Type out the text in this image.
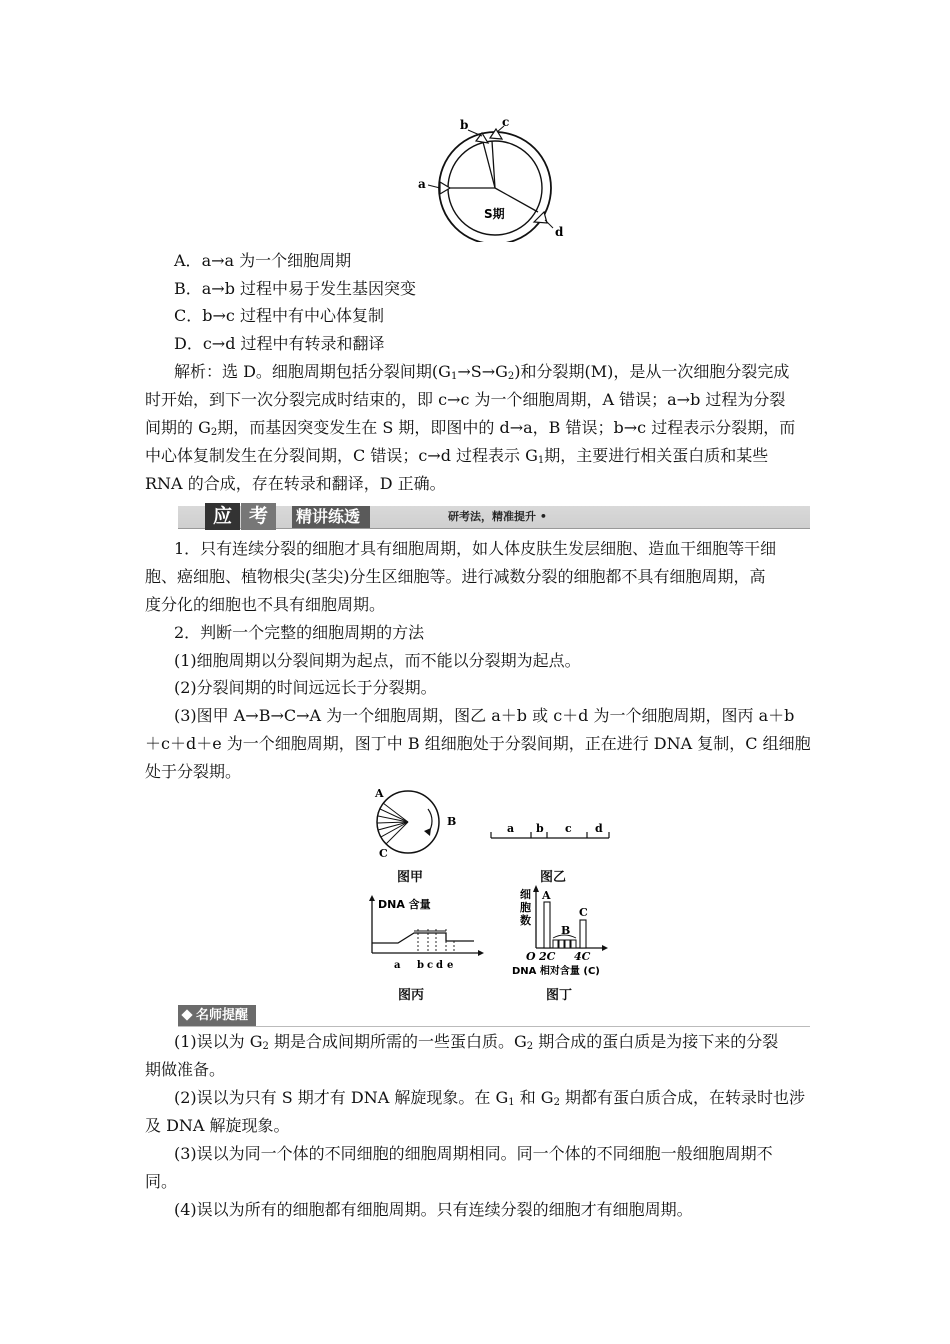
b	c
a
d
S期
A．a→a 为一个细胞周期
B．a→b 过程中易于发生基因突变
C．b→c 过程中有中心体复制
D．c→d 过程中有转录和翻译
解析：选 D。细胞周期包括分裂间期$(G_1\to S\to G_2)$和分裂期(M)，是从一次细胞分裂完成
时开始，到下一次分裂完成时结束的，即 c→c 为一个细胞周期，A 错误；a→b 过程为分裂
间期的 $G_2$期，而基因突变发生在 S 期，即图中的 d→a，B 错误；b→c 过程表示分裂期，而
中心体复制发生在分裂间期，C 错误；c→d 过程表示 $G_1$期，主要进行相关蛋白质和某些
RNA 的合成，存在转录和翻译，D 正确。
应 考	精讲练透	研考法，精准提升 •
1．只有连续分裂的细胞才具有细胞周期，如人体皮肤生发层细胞、造血干细胞等干细
胞、癌细胞、植物根尖(茎尖)分生区细胞等。进行减数分裂的细胞都不具有细胞周期，高
度分化的细胞也不具有细胞周期。
2．判断一个完整的细胞周期的方法
(1)细胞周期以分裂间期为起点，而不能以分裂期为起点。
(2)分裂间期的时间远远长于分裂期。
(3)图甲 A→B→C→A 为一个细胞周期，图乙 a＋b 或 c＋d 为一个细胞周期，图丙 a＋b
＋c＋d＋e 为一个细胞周期，图丁中 B 组细胞处于分裂间期，正在进行 DNA 复制，C 组细胞
处于分裂期。
A
B
C
图甲
a b c d
图乙
DNA 含量
a b c d e
图丙
细
胞
数
A
B
C
O 2C 4C
DNA 相对含量 (C)
图丁
名师提醒
(1)误以为 $G_2$ 期是合成间期所需的一些蛋白质。$G_2$ 期合成的蛋白质是为接下来的分裂
期做准备。
(2)误以为只有 S 期才有 DNA 解旋现象。在 $G_1$ 和 $G_2$ 期都有蛋白质合成，在转录时也涉
及 DNA 解旋现象。
(3)误以为同一个体的不同细胞的细胞周期相同。同一个体的不同细胞一般细胞周期不
同。
(4)误以为所有的细胞都有细胞周期。只有连续分裂的细胞才有细胞周期。
